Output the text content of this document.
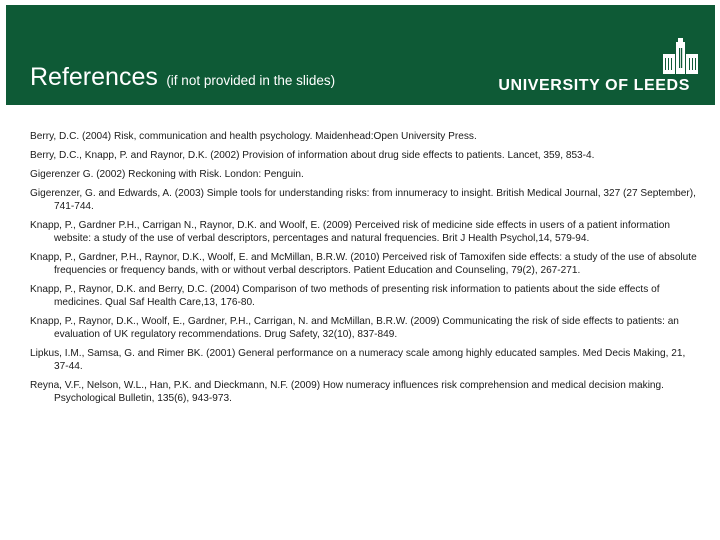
References (if not provided in the slides)	UNIVERSITY OF LEEDS
Berry, D.C. (2004) Risk, communication and health psychology. Maidenhead:Open University Press.
Berry, D.C., Knapp, P. and Raynor, D.K. (2002) Provision of information about drug side effects to patients. Lancet, 359, 853-4.
Gigerenzer G. (2002) Reckoning with Risk. London: Penguin.
Gigerenzer, G. and Edwards, A. (2003) Simple tools for understanding risks: from innumeracy to insight. British Medical Journal, 327 (27 September), 741-744.
Knapp, P., Gardner P.H., Carrigan N., Raynor, D.K. and Woolf, E. (2009) Perceived risk of medicine side effects in users of a patient information website: a study of the use of verbal descriptors, percentages and natural frequencies. Brit J Health Psychol,14, 579-94.
Knapp, P., Gardner, P.H., Raynor, D.K., Woolf, E. and McMillan, B.R.W. (2010) Perceived risk of Tamoxifen side effects: a study of the use of absolute frequencies or frequency bands, with or without verbal descriptors. Patient Education and Counseling, 79(2), 267-271.
Knapp, P., Raynor, D.K. and Berry, D.C. (2004) Comparison of two methods of presenting risk information to patients about the side effects of medicines. Qual Saf Health Care,13, 176-80.
Knapp, P., Raynor, D.K., Woolf, E., Gardner, P.H., Carrigan, N. and McMillan, B.R.W. (2009) Communicating the risk of side effects to patients: an evaluation of UK regulatory recommendations. Drug Safety, 32(10), 837-849.
Lipkus, I.M., Samsa, G. and Rimer BK. (2001) General performance on a numeracy scale among highly educated samples. Med Decis Making, 21, 37-44.
Reyna, V.F., Nelson, W.L., Han, P.K. and Dieckmann, N.F. (2009) How numeracy influences risk comprehension and medical decision making. Psychological Bulletin, 135(6), 943-973.
